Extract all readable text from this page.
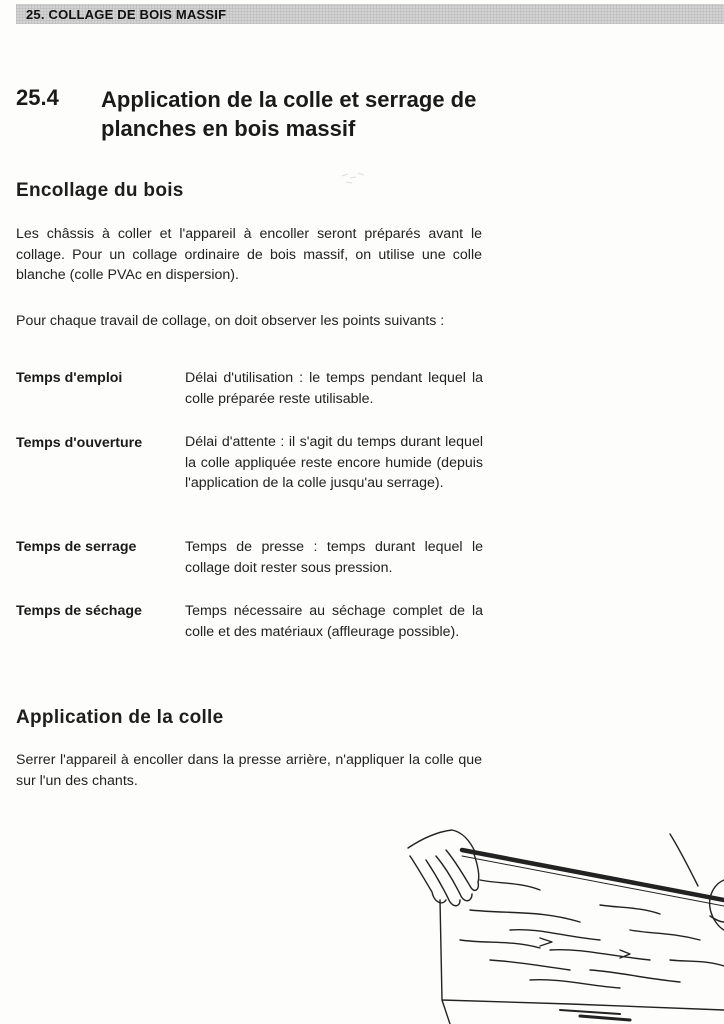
25. COLLAGE DE BOIS MASSIF
25.4 Application de la colle et serrage de planches en bois massif
Encollage du bois
Les châssis à coller et l'appareil à encoller seront préparés avant le collage. Pour un collage ordinaire de bois massif, on utilise une colle blanche (colle PVAc en dispersion).
Pour chaque travail de collage, on doit observer les points suivants :
Temps d'emploi	Délai d'utilisation : le temps pendant lequel la colle préparée reste utilisable.
Temps d'ouverture	Délai d'attente : il s'agit du temps durant lequel la colle appliquée reste encore humide (depuis l'application de la colle jusqu'au serrage).
Temps de serrage	Temps de presse : temps durant lequel le collage doit rester sous pression.
Temps de séchage	Temps nécessaire au séchage complet de la colle et des matériaux (affleurage possible).
Application de la colle
Serrer l'appareil à encoller dans la presse arrière, n'appliquer la colle que sur l'un des chants.
